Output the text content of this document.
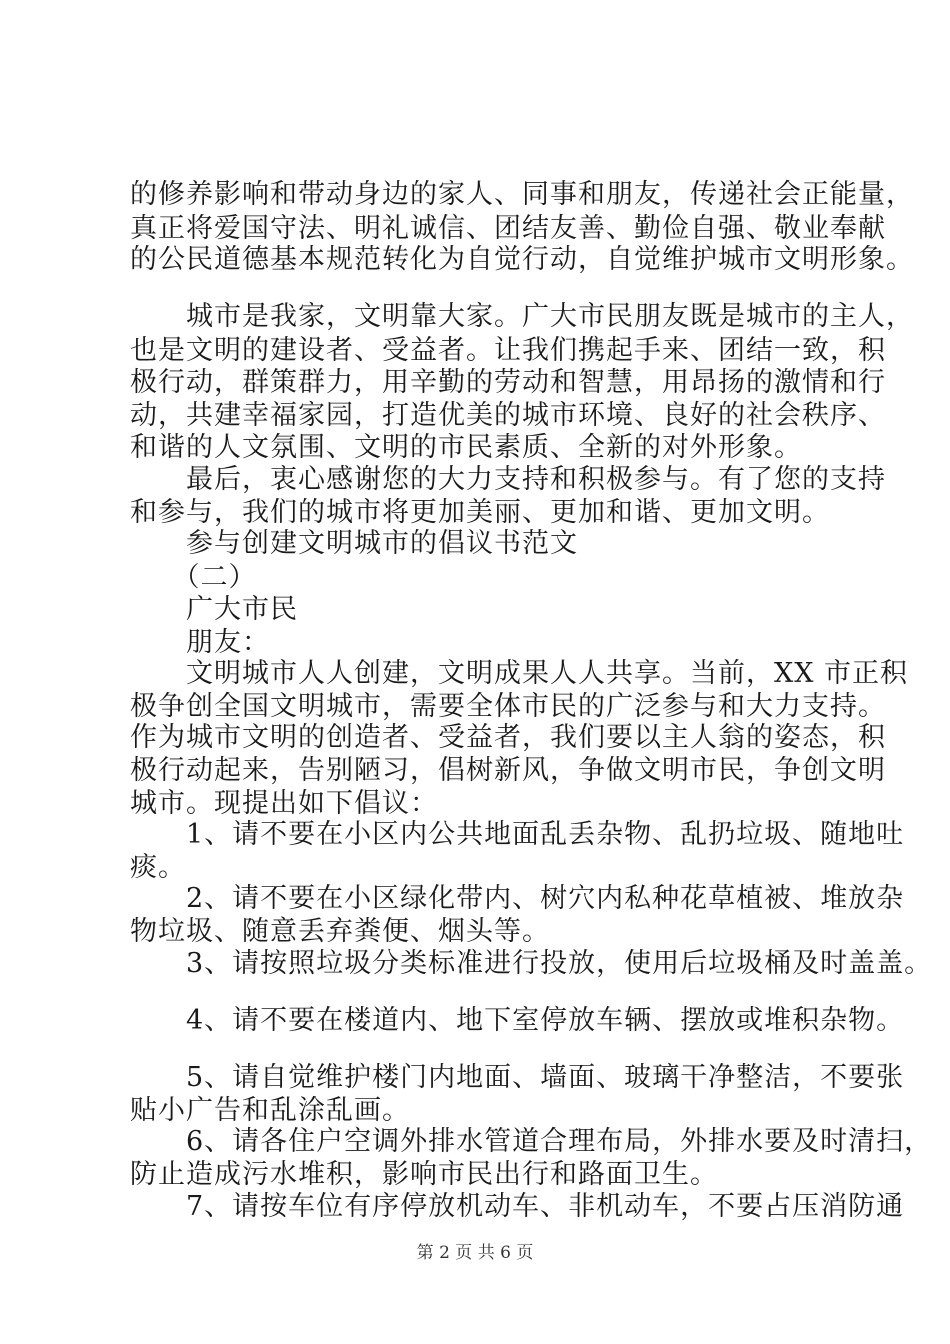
的修养影响和带动身边的家人、同事和朋友，传递社会正能量，
真正将爱国守法、明礼诚信、团结友善、勤俭自强、敬业奉献
的公民道德基本规范转化为自觉行动，自觉维护城市文明形象。
　　城市是我家，文明靠大家。广大市民朋友既是城市的主人，
也是文明的建设者、受益者。让我们携起手来、团结一致，积
极行动，群策群力，用辛勤的劳动和智慧，用昂扬的激情和行
动，共建幸福家园，打造优美的城市环境、良好的社会秩序、
和谐的人文氛围、文明的市民素质、全新的对外形象。
　　最后，衷心感谢您的大力支持和积极参与。有了您的支持
和参与，我们的城市将更加美丽、更加和谐、更加文明。
　　参与创建文明城市的倡议书范文
　　（二）
　　广大市民
　　朋友：
　　文明城市人人创建，文明成果人人共享。当前，XX 市正积
极争创全国文明城市，需要全体市民的广泛参与和大力支持。
作为城市文明的创造者、受益者，我们要以主人翁的姿态，积
极行动起来，告别陋习，倡树新风，争做文明市民，争创文明
城市。现提出如下倡议：
　　1、请不要在小区内公共地面乱丢杂物、乱扔垃圾、随地吐
痰。
　　2、请不要在小区绿化带内、树穴内私种花草植被、堆放杂
物垃圾、随意丢弃粪便、烟头等。
　　3、请按照垃圾分类标准进行投放，使用后垃圾桶及时盖盖。
　　4、请不要在楼道内、地下室停放车辆、摆放或堆积杂物。
　　5、请自觉维护楼门内地面、墙面、玻璃干净整洁，不要张
贴小广告和乱涂乱画。
　　6、请各住户空调外排水管道合理布局，外排水要及时清扫，
防止造成污水堆积，影响市民出行和路面卫生。
　　7、请按车位有序停放机动车、非机动车，不要占压消防通
第 2 页 共 6 页
